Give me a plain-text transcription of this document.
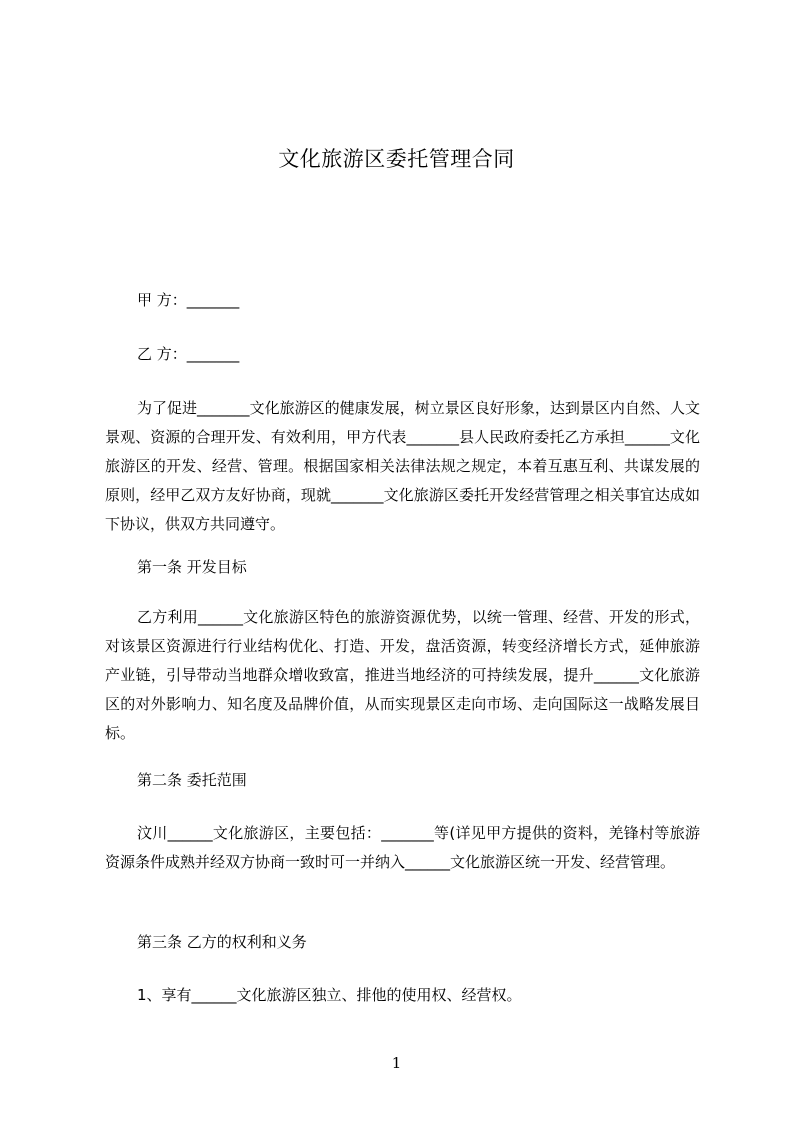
文化旅游区委托管理合同

甲 方：_______

乙 方：_______

为了促进_______文化旅游区的健康发展，树立景区良好形象，达到景区内自然、人文景观、资源的合理开发、有效利用，甲方代表_______县人民政府委托乙方承担______文化旅游区的开发、经营、管理。根据国家相关法律法规之规定，本着互惠互利、共谋发展的原则，经甲乙双方友好协商，现就_______文化旅游区委托开发经营管理之相关事宜达成如下协议，供双方共同遵守。

第一条 开发目标

乙方利用______文化旅游区特色的旅游资源优势，以统一管理、经营、开发的形式，对该景区资源进行行业结构优化、打造、开发，盘活资源，转变经济增长方式，延伸旅游产业链，引导带动当地群众增收致富，推进当地经济的可持续发展，提升______文化旅游区的对外影响力、知名度及品牌价值，从而实现景区走向市场、走向国际这一战略发展目标。

第二条 委托范围

汶川______文化旅游区，主要包括：_______等(详见甲方提供的资料，羌锋村等旅游资源条件成熟并经双方协商一致时可一并纳入______文化旅游区统一开发、经营管理。

第三条 乙方的权利和义务

1、享有______文化旅游区独立、排他的使用权、经营权。

1
